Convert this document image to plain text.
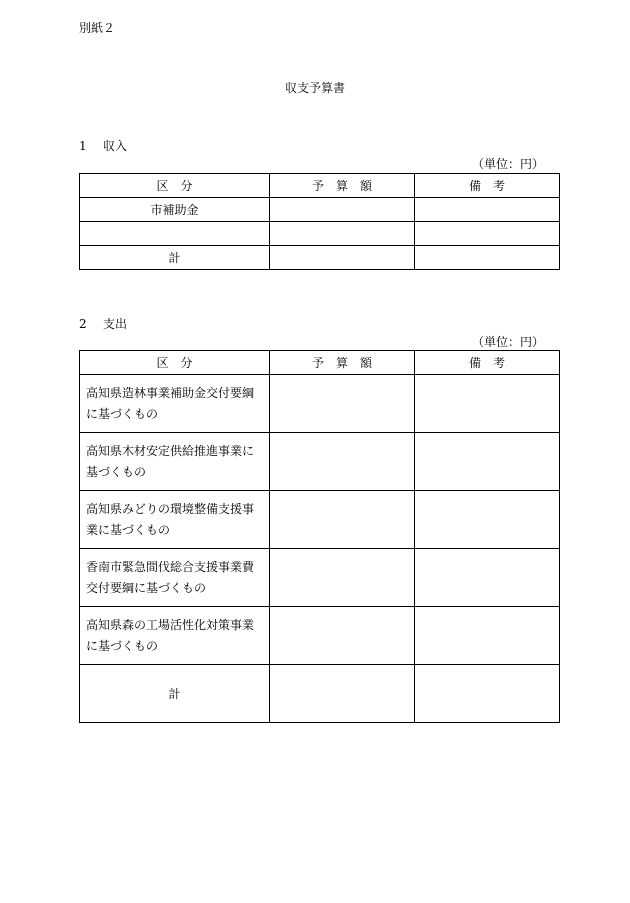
別紙２
収支予算書
1 収入
（単位：円）
区　分	予　算　額	備　考
市補助金		

計		
2 支出
（単位：円）
区　分	予　算　額	備　考
高知県造林事業補助金交付要綱に基づくもの		
高知県木材安定供給推進事業に基づくもの		
高知県みどりの環境整備支援事業に基づくもの		
香南市緊急間伐総合支援事業費交付要綱に基づくもの		
高知県森の工場活性化対策事業に基づくもの		
計		
